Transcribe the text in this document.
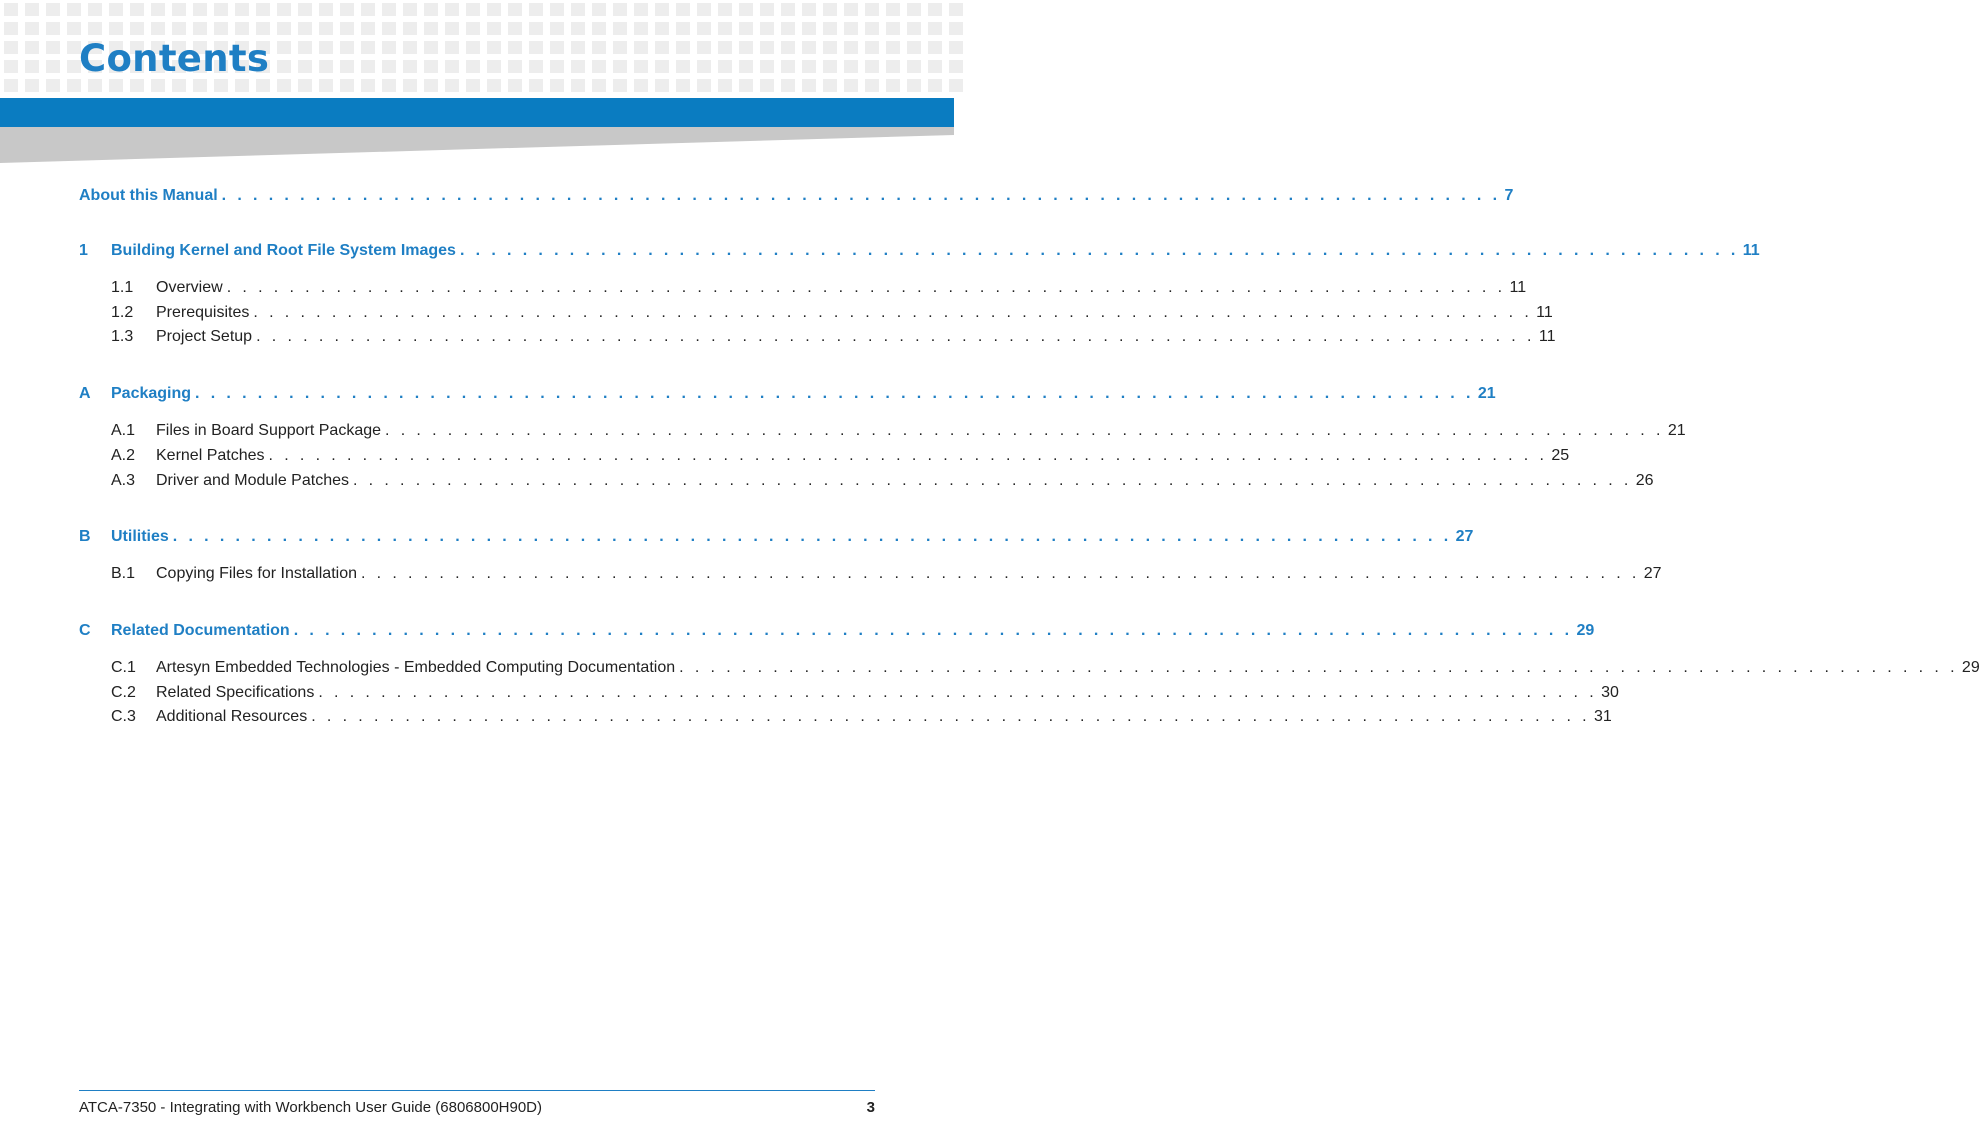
Contents
About this Manual . . . . . . . . . . . . . . . . . . . . . . . . . . . . . . . . . . . . . . . . . . . . . . . . . . . . . . . . . . . . . . . . . . . . . . . . . . . . . . . . . . 7
1	Building Kernel and Root File System Images . . . . . . . . . . . . . . . . . . . . . . . . . . . . . . . . . . . . . . . . . . . . . . . . . . . . . . . . . . . . . . . . . . . . . . . . . . . . . . . . . . 11
1.1	Overview . . . . . . . . . . . . . . . . . . . . . . . . . . . . . . . . . . . . . . . . . . . . . . . . . . . . . . . . . . . . . . . . . . . . . . . . . . . . . . . . . . 11
1.2	Prerequisites . . . . . . . . . . . . . . . . . . . . . . . . . . . . . . . . . . . . . . . . . . . . . . . . . . . . . . . . . . . . . . . . . . . . . . . . . . . . . . . . . . 11
1.3	Project Setup . . . . . . . . . . . . . . . . . . . . . . . . . . . . . . . . . . . . . . . . . . . . . . . . . . . . . . . . . . . . . . . . . . . . . . . . . . . . . . . . . . 11
A	Packaging . . . . . . . . . . . . . . . . . . . . . . . . . . . . . . . . . . . . . . . . . . . . . . . . . . . . . . . . . . . . . . . . . . . . . . . . . . . . . . . . . . 21
A.1	Files in Board Support Package . . . . . . . . . . . . . . . . . . . . . . . . . . . . . . . . . . . . . . . . . . . . . . . . . . . . . . . . . . . . . . . . . . . . . . . . . . . . . . . . . . 21
A.2	Kernel Patches . . . . . . . . . . . . . . . . . . . . . . . . . . . . . . . . . . . . . . . . . . . . . . . . . . . . . . . . . . . . . . . . . . . . . . . . . . . . . . . . . . 25
A.3	Driver and Module Patches . . . . . . . . . . . . . . . . . . . . . . . . . . . . . . . . . . . . . . . . . . . . . . . . . . . . . . . . . . . . . . . . . . . . . . . . . . . . . . . . . . 26
B	Utilities . . . . . . . . . . . . . . . . . . . . . . . . . . . . . . . . . . . . . . . . . . . . . . . . . . . . . . . . . . . . . . . . . . . . . . . . . . . . . . . . . . 27
B.1	Copying Files for Installation . . . . . . . . . . . . . . . . . . . . . . . . . . . . . . . . . . . . . . . . . . . . . . . . . . . . . . . . . . . . . . . . . . . . . . . . . . . . . . . . . . 27
C	Related Documentation . . . . . . . . . . . . . . . . . . . . . . . . . . . . . . . . . . . . . . . . . . . . . . . . . . . . . . . . . . . . . . . . . . . . . . . . . . . . . . . . . . 29
C.1	Artesyn Embedded Technologies - Embedded Computing Documentation . . . . . . . . . . . . . . . . . . . . . . . . . . . . . . . . . . . . . . . . . . . . . . . . . . . . . . . . . . . . . . . . . . . . . . . . . . . . . . . . . . 29
C.2	Related Specifications . . . . . . . . . . . . . . . . . . . . . . . . . . . . . . . . . . . . . . . . . . . . . . . . . . . . . . . . . . . . . . . . . . . . . . . . . . . . . . . . . . 30
C.3	Additional Resources . . . . . . . . . . . . . . . . . . . . . . . . . . . . . . . . . . . . . . . . . . . . . . . . . . . . . . . . . . . . . . . . . . . . . . . . . . . . . . . . . . 31
ATCA-7350 - Integrating with Workbench User Guide (6806800H90D)	3
